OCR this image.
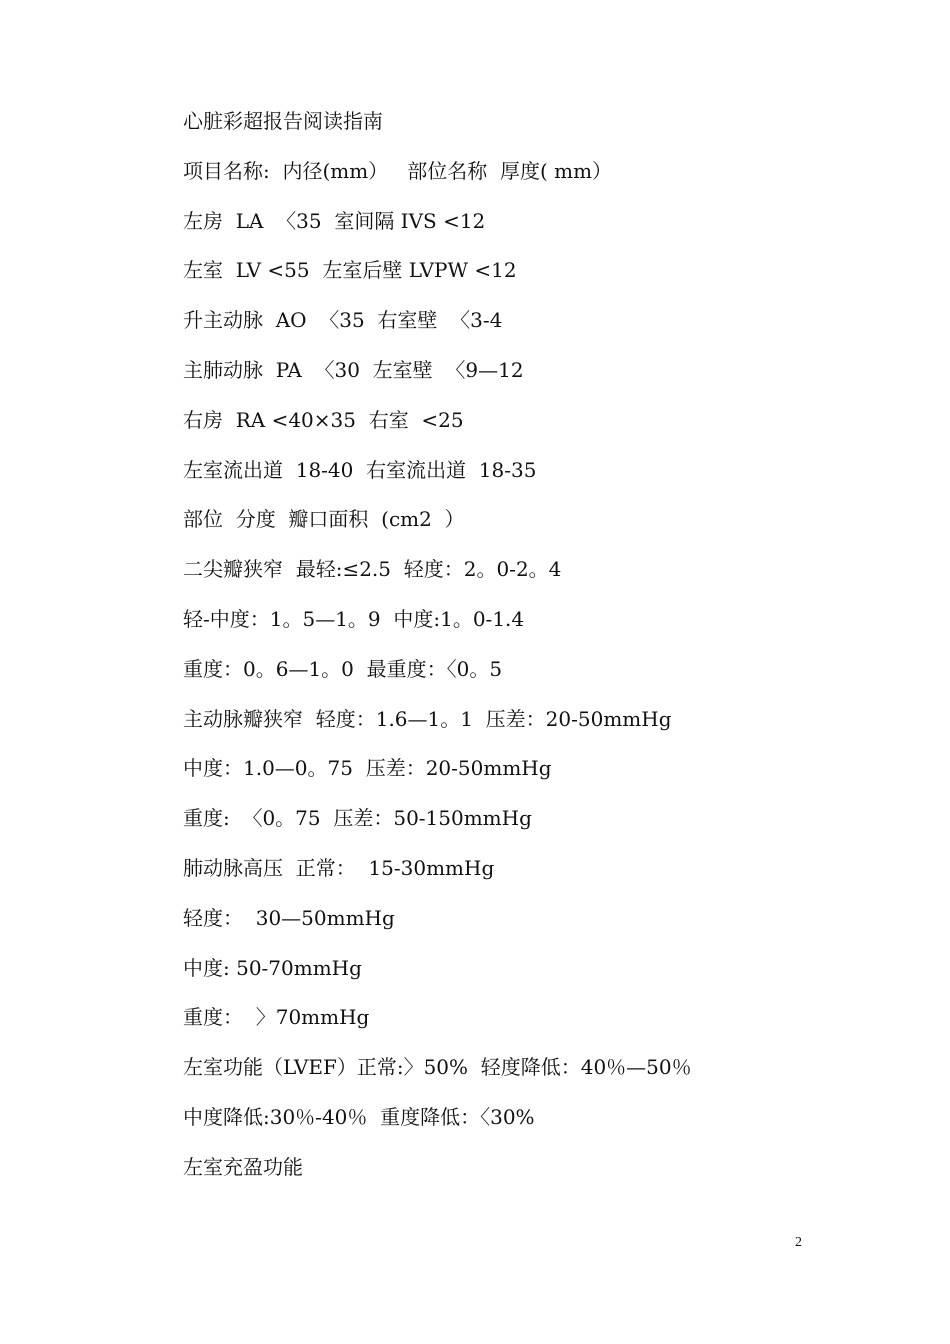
心脏彩超报告阅读指南
项目名称:  内径(mm）   部位名称  厚度( mm）
左房  LA  〈35  室间隔 IVS <12
左室  LV <55  左室后壁 LVPW <12
升主动脉  AO  〈35  右室壁  〈3-4
主肺动脉  PA  〈30  左室壁  〈9—12
右房  RA <40×35  右室  <25
左室流出道  18-40  右室流出道  18-35
部位  分度  瓣口面积  (cm2  ）
二尖瓣狭窄  最轻:≤2.5  轻度：2。0-2。4
轻-中度：1。5—1。9  中度:1。0-1.4
重度：0。6—1。0  最重度：〈0。5
主动脉瓣狭窄  轻度：1.6—1。1  压差：20-50mmHg
中度：1.0—0。75  压差：20-50mmHg
重度:  〈0。75  压差：50-150mmHg
肺动脉高压  正常：  15-30mmHg
轻度：  30—50mmHg
中度: 50-70mmHg
重度：  〉70mmHg
左室功能（LVEF）正常:〉50%  轻度降低：40％—50％
中度降低:30％-40％  重度降低：〈30%
左室充盈功能
2
